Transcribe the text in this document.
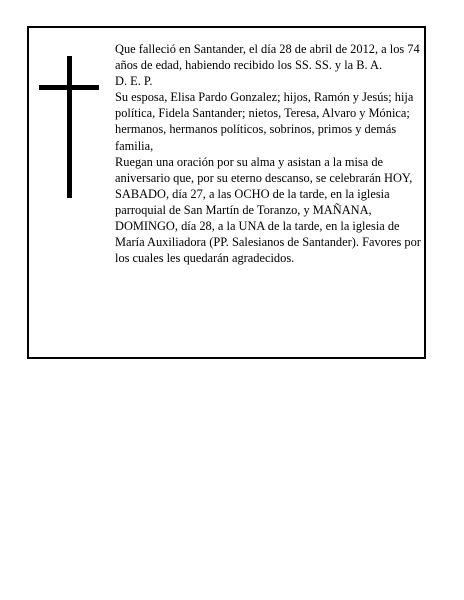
Que falleció en Santander, el día 28 de abril de 2012, a los 74 años de edad, habiendo recibido los SS. SS. y la B. A.

D. E. P.

Su esposa, Elisa Pardo Gonzalez; hijos, Ramón y Jesús; hija política, Fidela Santander; nietos, Teresa, Alvaro y Mónica; hermanos, hermanos políticos, sobrinos, primos y demás familia,

Ruegan una oración por su alma y asistan a la misa de aniversario que, por su eterno descanso, se celebrarán HOY, SABADO, día 27, a las OCHO de la tarde, en la iglesia parroquial de San Martín de Toranzo, y MAÑANA, DOMINGO, día 28, a la UNA de la tarde, en la iglesia de María Auxiliadora (PP. Salesianos de Santander). Favores por los cuales les quedarán agradecidos.
